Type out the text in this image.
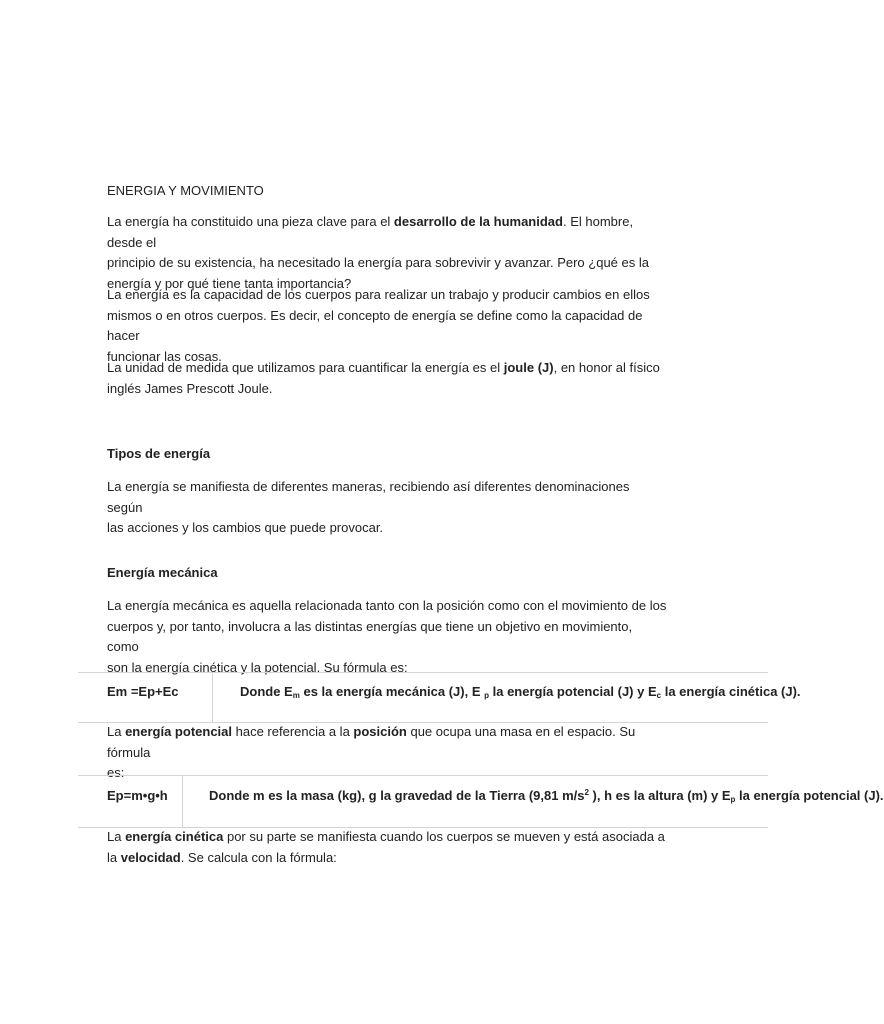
ENERGIA Y MOVIMIENTO

La energía ha constituido una pieza clave para el desarrollo de la humanidad. El hombre, desde el
principio de su existencia, ha necesitado la energía para sobrevivir y avanzar. Pero ¿qué es la
energía y por qué tiene tanta importancia?

La energía es la capacidad de los cuerpos para realizar un trabajo y producir cambios en ellos
mismos o en otros cuerpos. Es decir, el concepto de energía se define como la capacidad de hacer
funcionar las cosas.

La unidad de medida que utilizamos para cuantificar la energía es el joule (J), en honor al físico
inglés James Prescott Joule.

Tipos de energía

La energía se manifiesta de diferentes maneras, recibiendo así diferentes denominaciones según
las acciones y los cambios que puede provocar.

Energía mecánica

La energía mecánica es aquella relacionada tanto con la posición como con el movimiento de los
cuerpos y, por tanto, involucra a las distintas energías que tiene un objetivo en movimiento, como
son la energía cinética y la potencial. Su fórmula es:

Em =Ep+Ec	Donde $E_m$ es la energía mecánica (J), E $_p$ la energía potencial (J) y $E_c$ la energía cinética (J).

La energía potencial hace referencia a la posición que ocupa una masa en el espacio. Su fórmula
es:

Ep=m•g•h	Donde m es la masa (kg), g la gravedad de la Tierra (9,81 $m/s^2$ ), h es la altura (m) y $E_p$ la energía potencial (J).

La energía cinética por su parte se manifiesta cuando los cuerpos se mueven y está asociada a
la velocidad. Se calcula con la fórmula:
